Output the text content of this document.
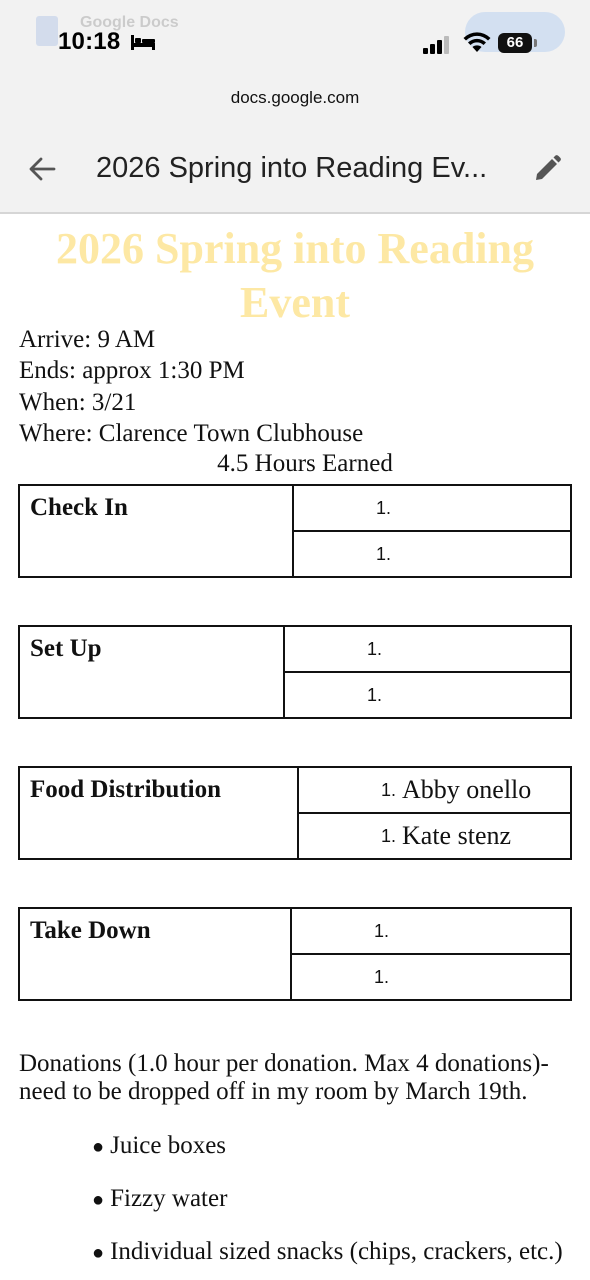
Google Docs
10:18	66
docs.google.com
2026 Spring into Reading Ev...
2026 Spring into Reading Event
Arrive: 9 AM
Ends: approx 1:30 PM
When: 3/21
Where: Clarence Town Clubhouse
4.5 Hours Earned
Check In	1.

1.
Set Up	1.

1.
Food Distribution	1. Abby onello

1. Kate stenz
Take Down	1.

1.
Donations (1.0 hour per donation. Max 4 donations)- need to be dropped off in my room by March 19th.
● Juice boxes
● Fizzy water
● Individual sized snacks (chips, crackers, etc.)
